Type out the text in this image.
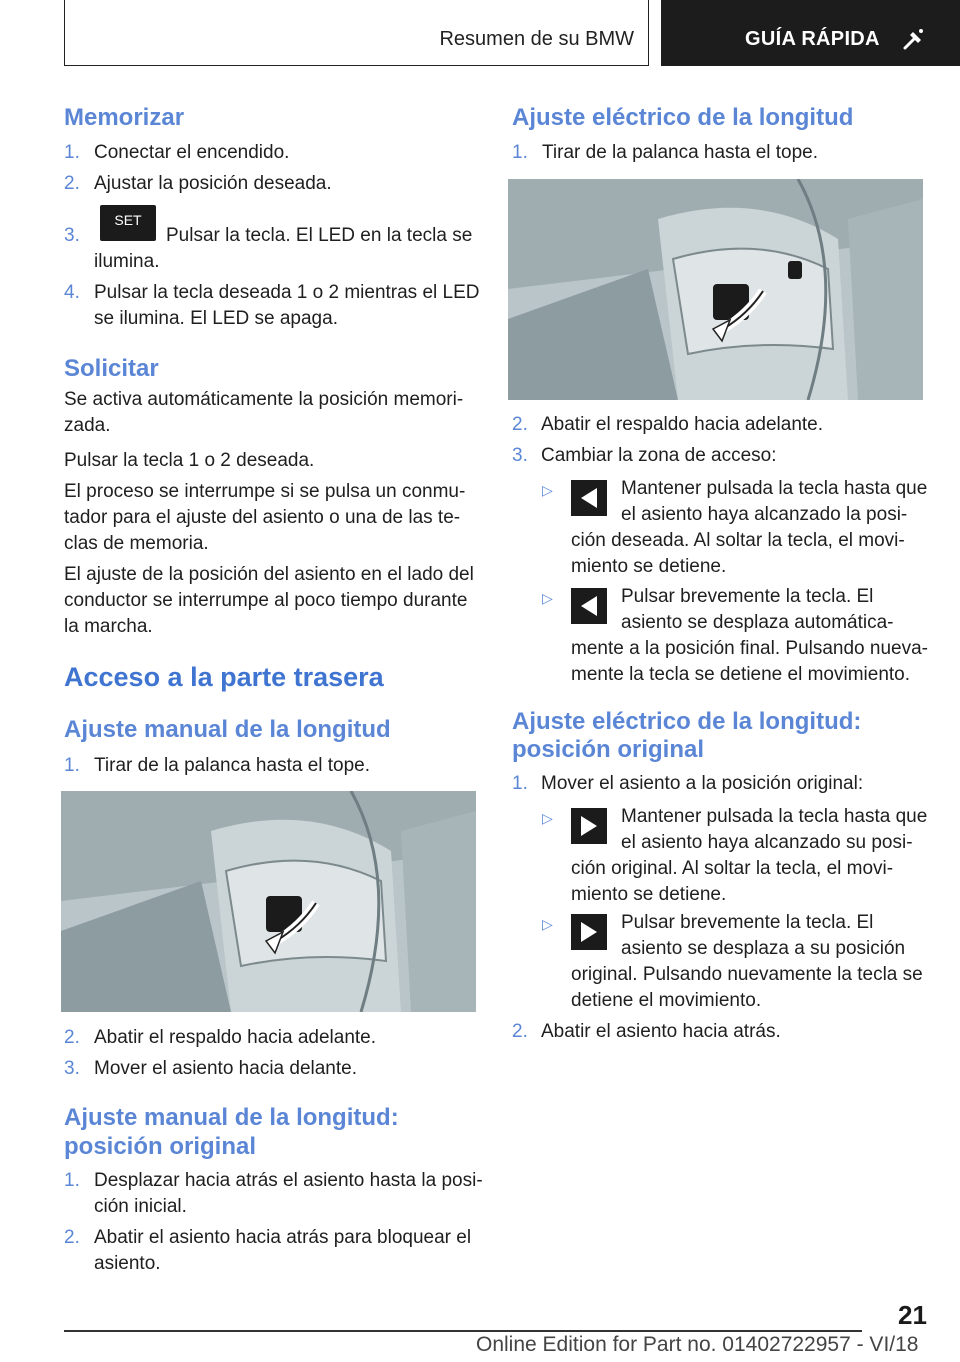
Resumen de su BMW	GUÍA RÁPIDA
Memorizar
1. Conectar el encendido.
2. Ajustar la posición deseada.
3.
SET
Pulsar la tecla. El LED en la tecla se
ilumina.
4. Pulsar la tecla deseada 1 o 2 mientras el LED
se ilumina. El LED se apaga.
Solicitar
Se activa automáticamente la posición memori‐
zada.
Pulsar la tecla 1 o 2 deseada.
El proceso se interrumpe si se pulsa un conmu‐
tador para el ajuste del asiento o una de las te‐
clas de memoria.
El ajuste de la posición del asiento en el lado del
conductor se interrumpe al poco tiempo durante
la marcha.
Acceso a la parte trasera
Ajuste manual de la longitud
1. Tirar de la palanca hasta el tope.
2. Abatir el respaldo hacia adelante.
3. Mover el asiento hacia delante.
Ajuste manual de la longitud:
posición original
1. Desplazar hacia atrás el asiento hasta la posi‐
ción inicial.
2. Abatir el asiento hacia atrás para bloquear el
asiento.
Ajuste eléctrico de la longitud
1. Tirar de la palanca hasta el tope.
2. Abatir el respaldo hacia adelante.
3. Cambiar la zona de acceso:
▷	Mantener pulsada la tecla hasta que
el asiento haya alcanzado la posi‐
ción deseada. Al soltar la tecla, el movi‐
miento se detiene.
▷	Pulsar brevemente la tecla. El
asiento se desplaza automática‐
mente a la posición final. Pulsando nueva‐
mente la tecla se detiene el movimiento.
Ajuste eléctrico de la longitud:
posición original
1. Mover el asiento a la posición original:
▷	Mantener pulsada la tecla hasta que
el asiento haya alcanzado su posi‐
ción original. Al soltar la tecla, el movi‐
miento se detiene.
▷	Pulsar brevemente la tecla. El
asiento se desplaza a su posición
original. Pulsando nuevamente la tecla se
detiene el movimiento.
2. Abatir el asiento hacia atrás.
21
Online Edition for Part no. 01402722957 - VI/18
